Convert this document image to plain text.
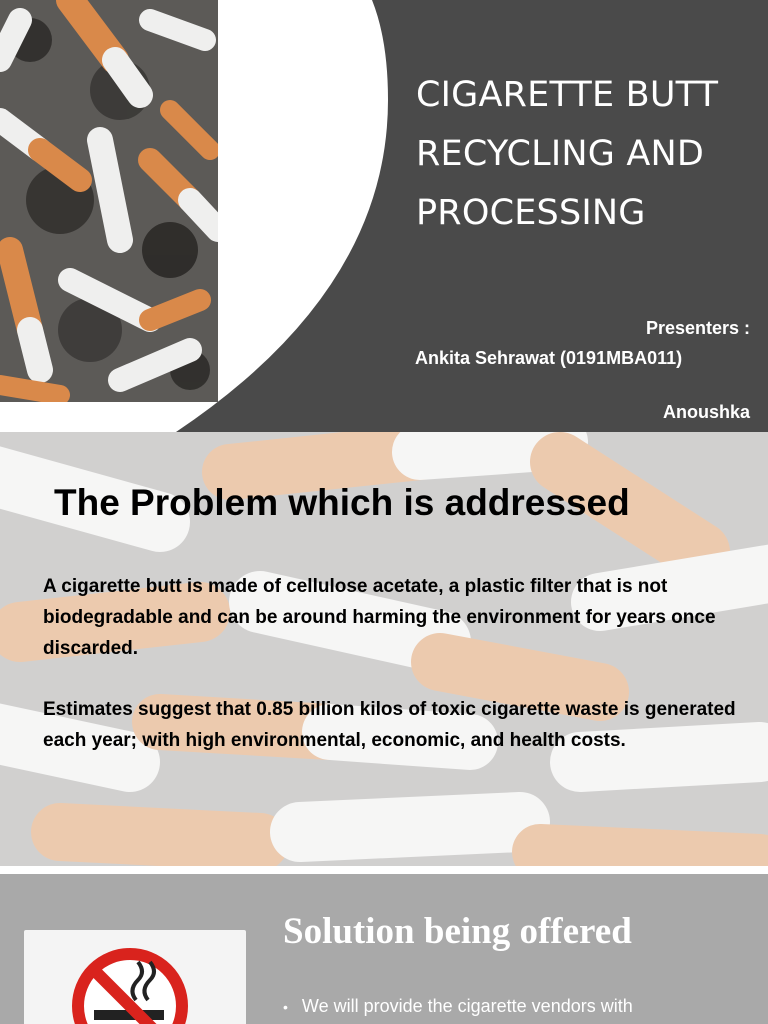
CIGARETTE BUTT
RECYCLING AND
PROCESSING
Presenters :
Ankita Sehrawat (0191MBA011)
Anoushka
The Problem which is addressed
A cigarette butt is made of cellulose acetate, a plastic filter that is not biodegradable and can be around harming the environment for years once discarded.
Estimates suggest that 0.85 billion kilos of toxic cigarette waste is generated each year; with high environmental, economic, and health costs.
Solution being offered
• We will provide the cigarette vendors with
